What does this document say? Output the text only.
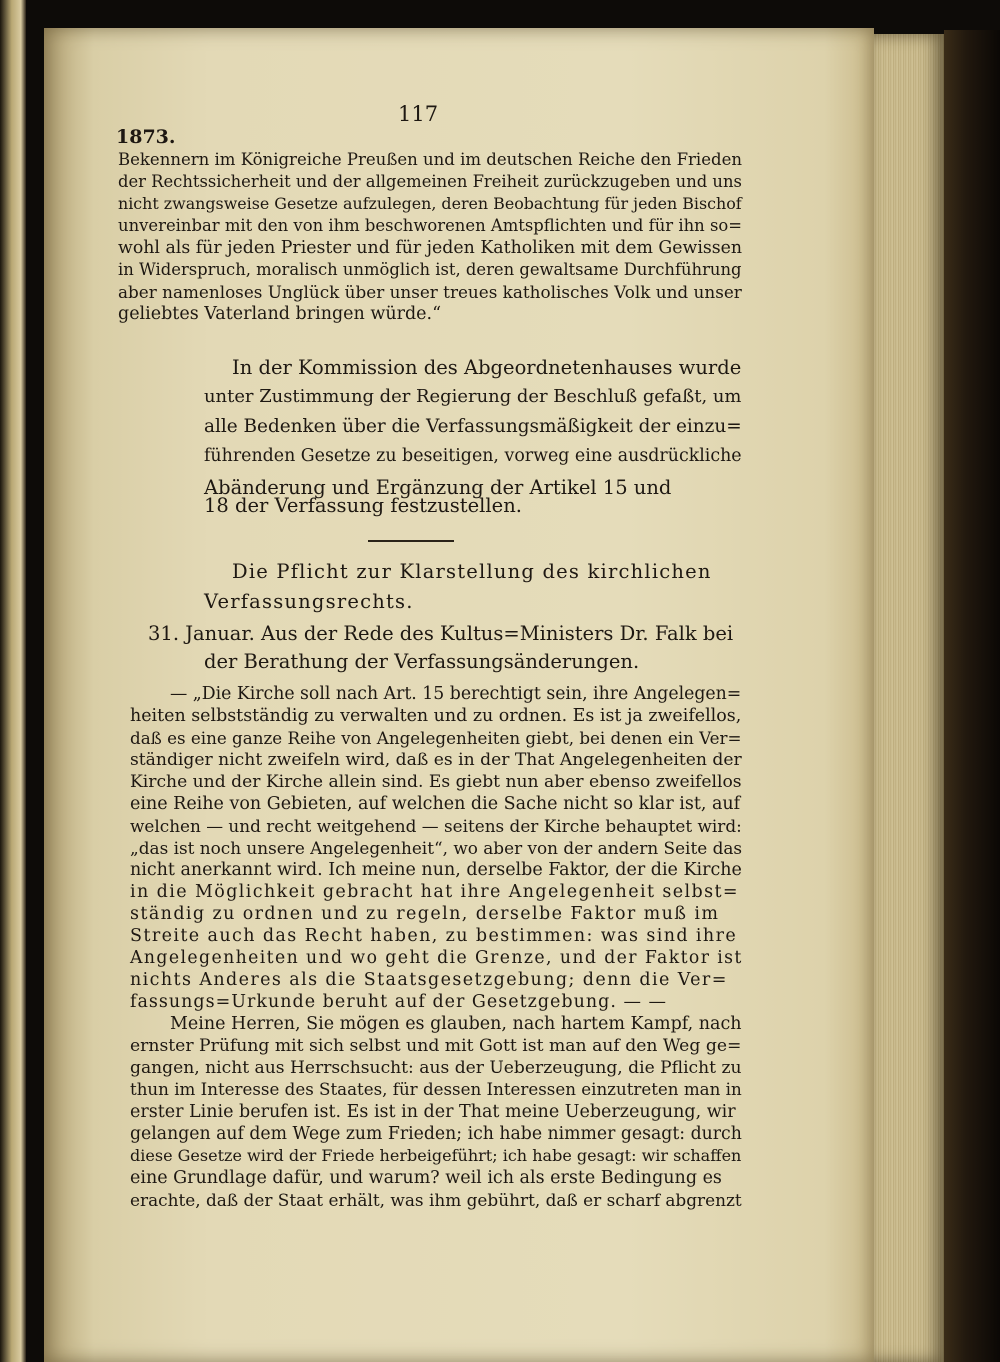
117
1873.
Bekennern im Königreiche Preußen und im deutschen Reiche den Frieden
der Rechtssicherheit und der allgemeinen Freiheit zurückzugeben und uns
nicht zwangsweise Gesetze aufzulegen, deren Beobachtung für jeden Bischof
unvereinbar mit den von ihm beschworenen Amtspflichten und für ihn so=
wohl als für jeden Priester und für jeden Katholiken mit dem Gewissen
in Widerspruch, moralisch unmöglich ist, deren gewaltsame Durchführung
aber namenloses Unglück über unser treues katholisches Volk und unser
geliebtes Vaterland bringen würde.“
In der Kommission des Abgeordnetenhauses wurde
unter Zustimmung der Regierung der Beschluß gefaßt, um
alle Bedenken über die Verfassungsmäßigkeit der einzu=
führenden Gesetze zu beseitigen, vorweg eine ausdrückliche
Abänderung und Ergänzung der Artikel 15 und
18 der Verfassung festzustellen.
Die Pflicht zur Klarstellung des kirchlichen
Verfassungsrechts.
31. Januar. Aus der Rede des Kultus=Ministers Dr. Falk bei
der Berathung der Verfassungsänderungen.
— „Die Kirche soll nach Art. 15 berechtigt sein, ihre Angelegen=
heiten selbstständig zu verwalten und zu ordnen. Es ist ja zweifellos,
daß es eine ganze Reihe von Angelegenheiten giebt, bei denen ein Ver=
ständiger nicht zweifeln wird, daß es in der That Angelegenheiten der
Kirche und der Kirche allein sind. Es giebt nun aber ebenso zweifellos
eine Reihe von Gebieten, auf welchen die Sache nicht so klar ist, auf
welchen — und recht weitgehend — seitens der Kirche behauptet wird:
„das ist noch unsere Angelegenheit“, wo aber von der andern Seite das
nicht anerkannt wird. Ich meine nun, derselbe Faktor, der die Kirche
in die Möglichkeit gebracht hat ihre Angelegenheit selbst=
ständig zu ordnen und zu regeln, derselbe Faktor muß im
Streite auch das Recht haben, zu bestimmen: was sind ihre
Angelegenheiten und wo geht die Grenze, und der Faktor ist
nichts Anderes als die Staatsgesetzgebung; denn die Ver=
fassungs=Urkunde beruht auf der Gesetzgebung. — —
Meine Herren, Sie mögen es glauben, nach hartem Kampf, nach
ernster Prüfung mit sich selbst und mit Gott ist man auf den Weg ge=
gangen, nicht aus Herrschsucht: aus der Ueberzeugung, die Pflicht zu
thun im Interesse des Staates, für dessen Interessen einzutreten man in
erster Linie berufen ist. Es ist in der That meine Ueberzeugung, wir
gelangen auf dem Wege zum Frieden; ich habe nimmer gesagt: durch
diese Gesetze wird der Friede herbeigeführt; ich habe gesagt: wir schaffen
eine Grundlage dafür, und warum? weil ich als erste Bedingung es
erachte, daß der Staat erhält, was ihm gebührt, daß er scharf abgrenzt
